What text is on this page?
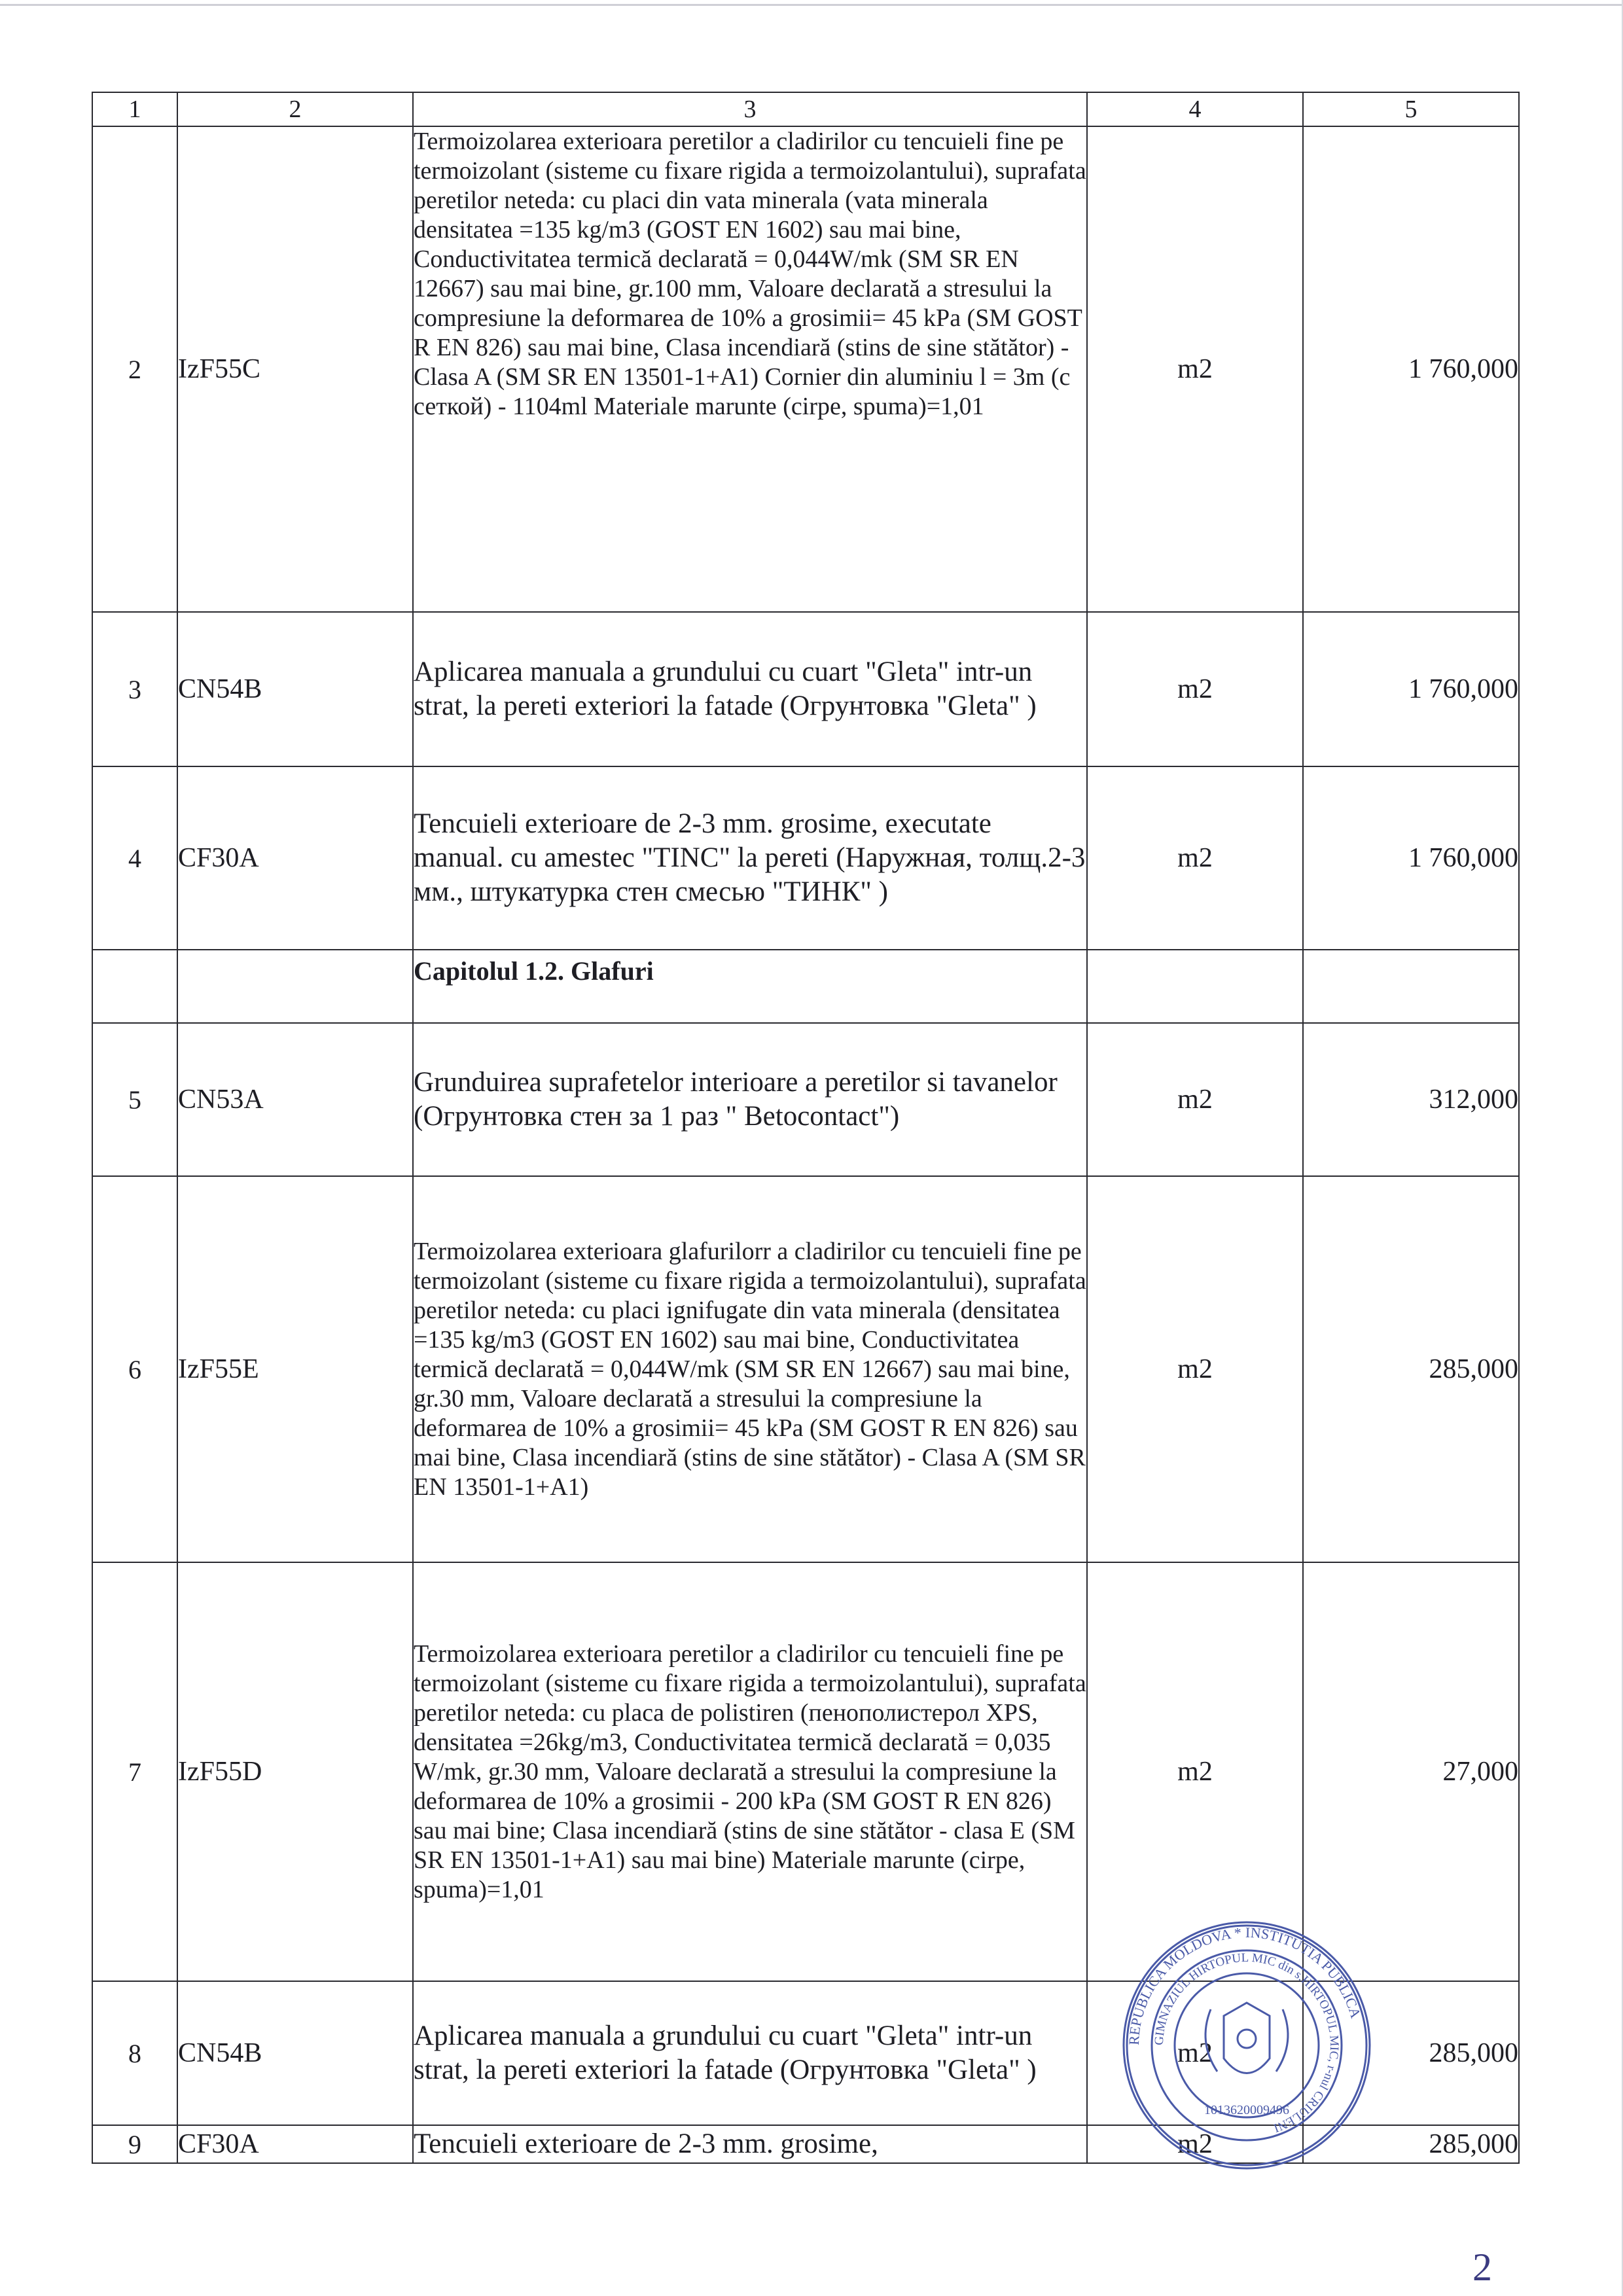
1	2	3	4	5
2	IzF55C	Termoizolarea exterioara peretilor a cladirilor cu tencuieli fine pe termoizolant (sisteme cu fixare rigida a termoizolantului), suprafata peretilor neteda: cu placi din vata minerala (vata minerala densitatea =135 kg/m3 (GOST EN 1602) sau mai bine, Conductivitatea termică declarată = 0,044W/mk (SM SR EN 12667) sau mai bine, gr.100 mm, Valoare declarată a stresului la compresiune la deformarea de 10% a grosimii= 45 kPa (SM GOST R EN 826) sau mai bine, Clasa incendiară (stins de sine stătător) - Clasa A (SM SR EN 13501-1+A1) Cornier din aluminiu l = 3m (с сеткой) - 1104ml Materiale marunte (cirpe, spuma)=1,01	m2	1 760,000
3	CN54B	Aplicarea manuala a grundului cu cuart "Gleta" intr-un strat, la pereti exteriori la fatade (Огрунтовка "Gleta" )	m2	1 760,000
4	CF30A	Tencuieli exterioare de 2-3 mm. grosime, executate manual. cu amestec "TINC" la pereti (Наружная, толщ.2-3 мм., штукатурка стен смесью "ТИНК" )	m2	1 760,000
		Capitolul 1.2. Glafuri		
5	CN53A	Grunduirea suprafetelor interioare a peretilor si tavanelor (Огрунтовка стен за 1 раз " Betocontact")	m2	312,000
6	IzF55E	Termoizolarea exterioara glafurilorr a cladirilor cu tencuieli fine pe termoizolant (sisteme cu fixare rigida a termoizolantului), suprafata peretilor neteda: cu placi ignifugate din vata minerala (densitatea =135 kg/m3 (GOST EN 1602) sau mai bine, Conductivitatea termică declarată = 0,044W/mk (SM SR EN 12667) sau mai bine, gr.30 mm, Valoare declarată a stresului la compresiune la deformarea de 10% a grosimii= 45 kPa (SM GOST R EN 826) sau mai bine, Clasa incendiară (stins de sine stătător) - Clasa A (SM SR EN 13501-1+A1)	m2	285,000
7	IzF55D	Termoizolarea exterioara peretilor a cladirilor cu tencuieli fine pe termoizolant (sisteme cu fixare rigida a termoizolantului), suprafata peretilor neteda: cu placa de polistiren (пенополистерол XPS, densitatea =26kg/m3, Conductivitatea termică declarată = 0,035 W/mk, gr.30 mm, Valoare declarată a stresului la compresiune la deformarea de 10% a grosimii - 200 kPa (SM GOST R EN 826) sau mai bine; Clasa incendiară (stins de sine stătător - clasa E (SM SR EN 13501-1+A1) sau mai bine) Materiale marunte (cirpe, spuma)=1,01	m2	27,000
8	CN54B	Aplicarea manuala a grundului cu cuart "Gleta" intr-un strat, la pereti exteriori la fatade (Огрунтовка "Gleta" )	m2	285,000
9	CF30A	Tencuieli exterioare de 2-3 mm. grosime,	m2	285,000
REPUBLICA MOLDOVA * INSTITUTIA PUBLICA
GIMNAZIUL HIRTOPUL MIC din s.HIRTOPUL MIC, r-nul CRIULENI
1013620009496
2
